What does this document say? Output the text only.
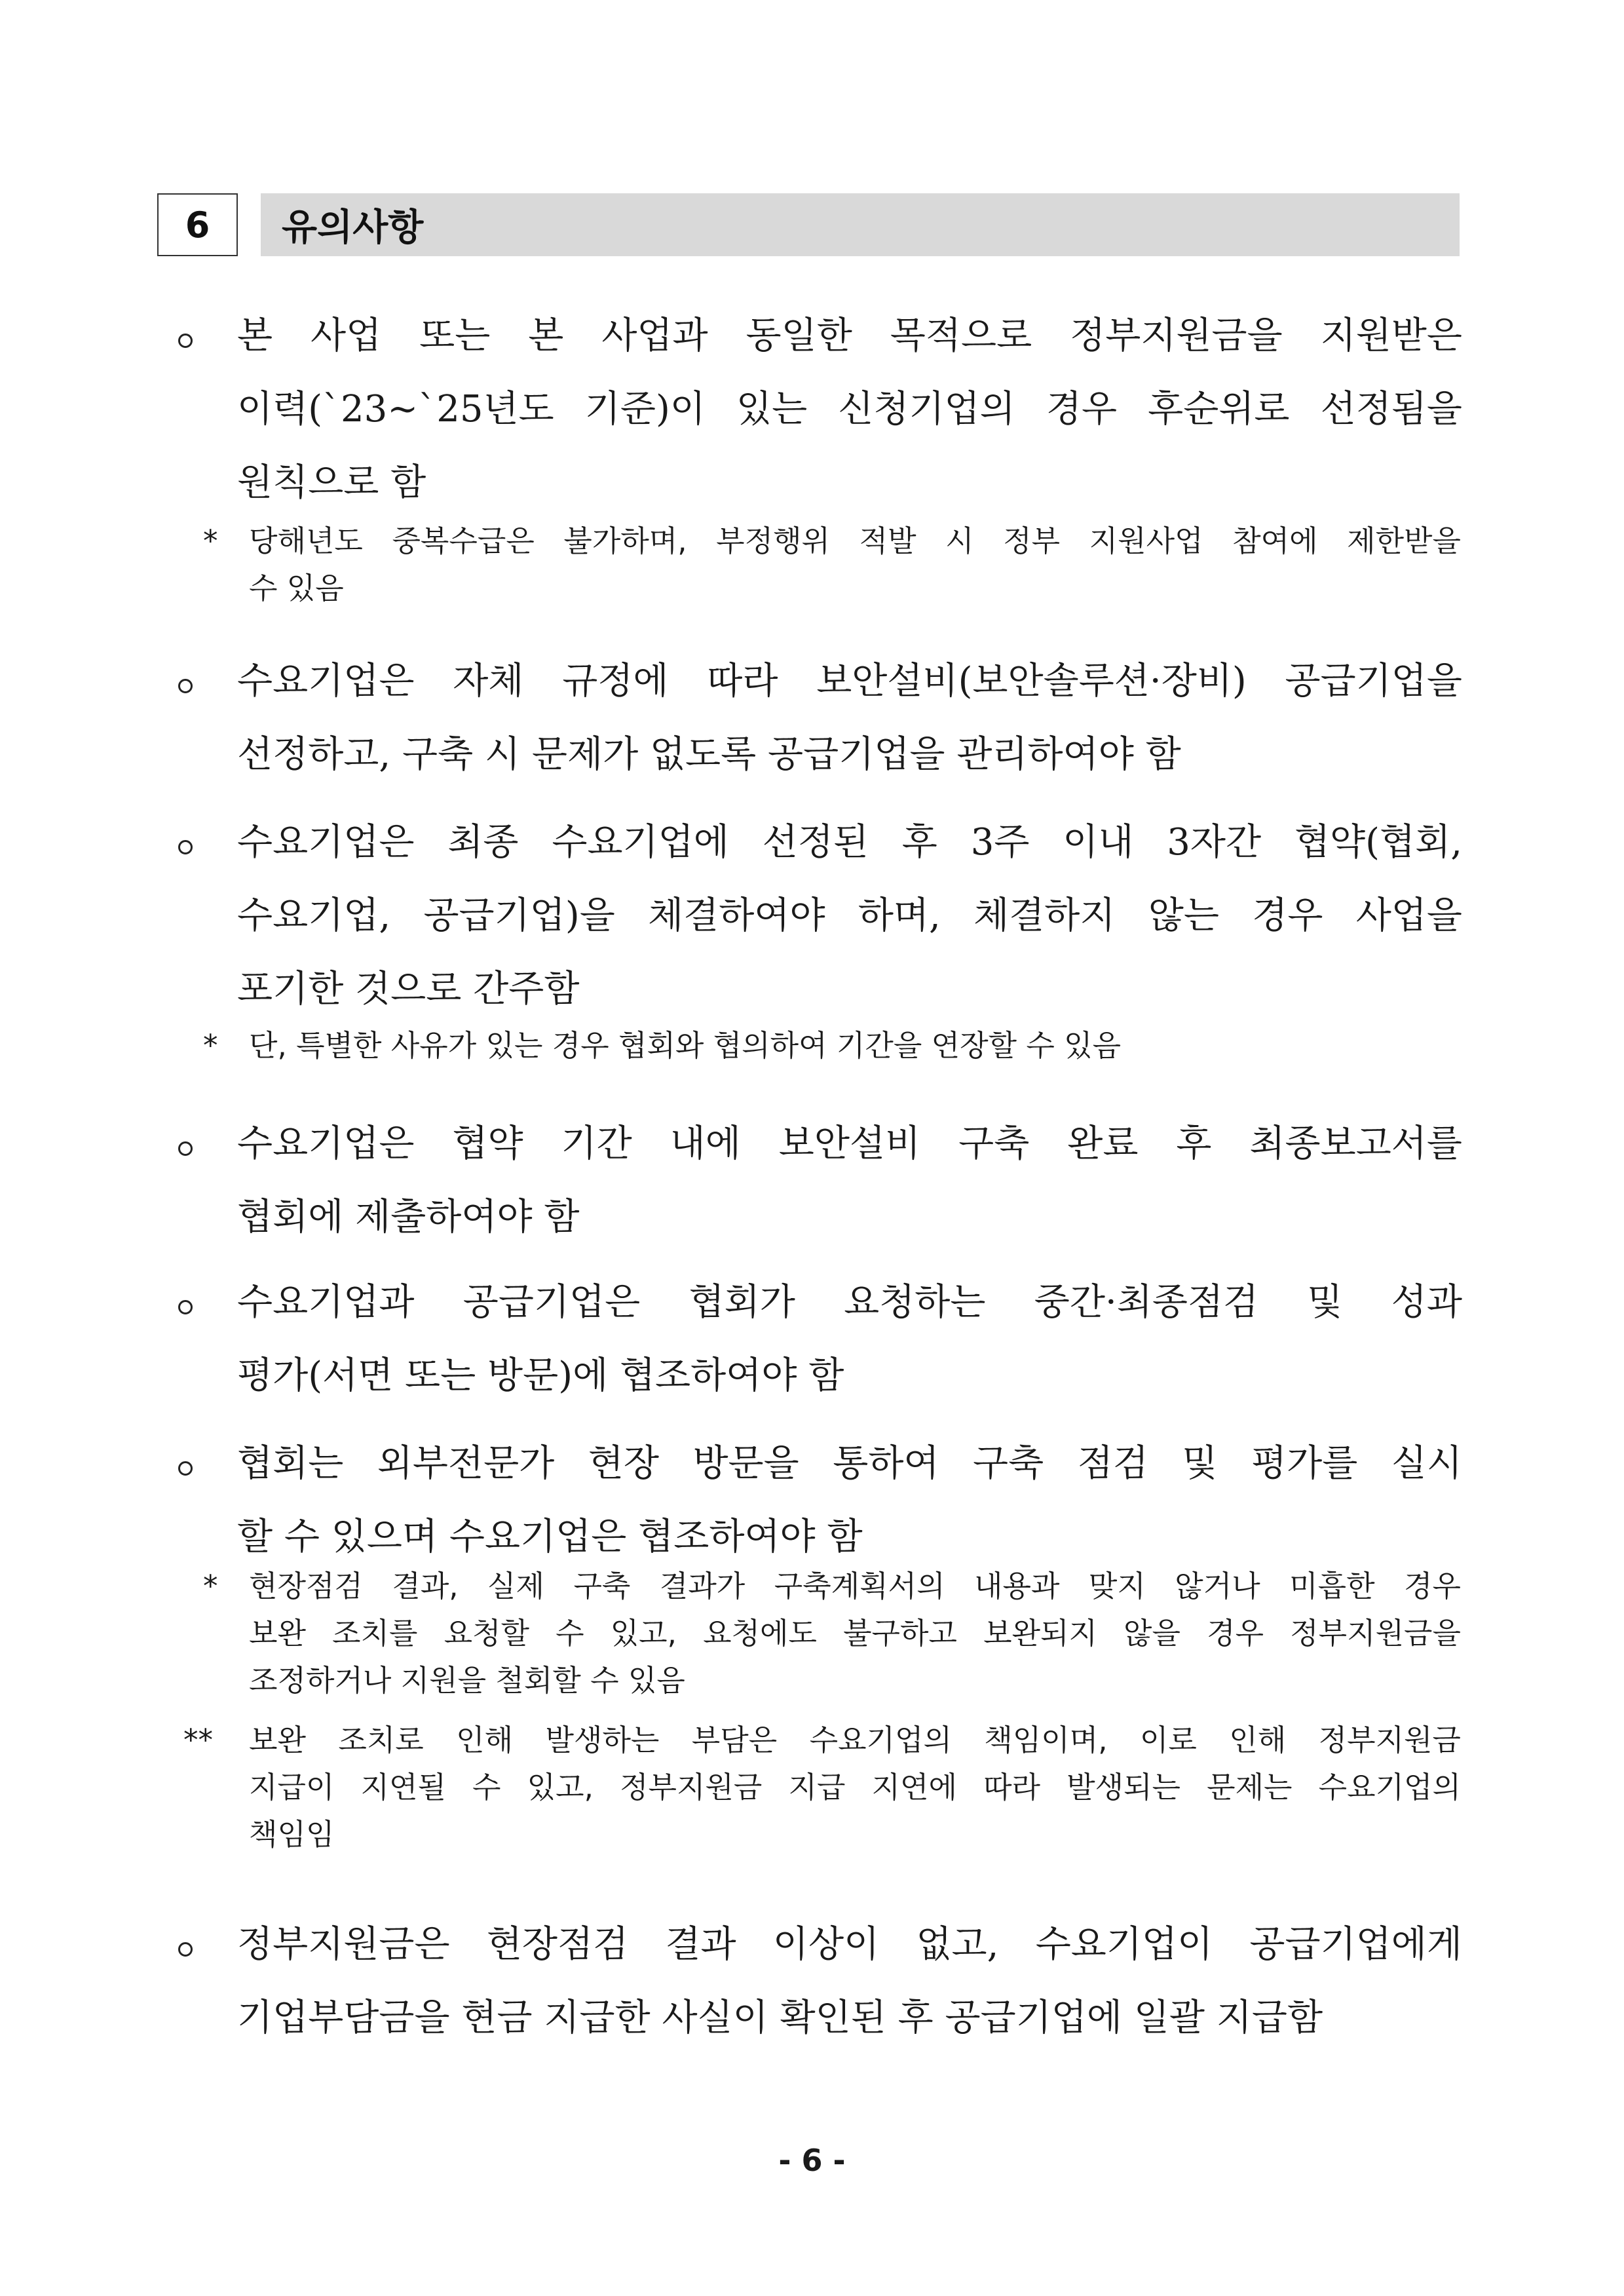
6	유의사항
본 사업 또는 본 사업과 동일한 목적으로 정부지원금을 지원받은
이력(`23~`25년도 기준)이 있는 신청기업의 경우 후순위로 선정됨을
원칙으로 함
*	당해년도 중복수급은 불가하며, 부정행위 적발 시 정부 지원사업 참여에 제한받을
수 있음
수요기업은 자체 규정에 따라 보안설비(보안솔루션·장비) 공급기업을
선정하고, 구축 시 문제가 없도록 공급기업을 관리하여야 함
수요기업은 최종 수요기업에 선정된 후 3주 이내 3자간 협약(협회,
수요기업, 공급기업)을 체결하여야 하며, 체결하지 않는 경우 사업을
포기한 것으로 간주함
*	단, 특별한 사유가 있는 경우 협회와 협의하여 기간을 연장할 수 있음
수요기업은 협약 기간 내에 보안설비 구축 완료 후 최종보고서를
협회에 제출하여야 함
수요기업과 공급기업은 협회가 요청하는 중간·최종점검 및 성과
평가(서면 또는 방문)에 협조하여야 함
협회는 외부전문가 현장 방문을 통하여 구축 점검 및 평가를 실시
할 수 있으며 수요기업은 협조하여야 함
*	현장점검 결과, 실제 구축 결과가 구축계획서의 내용과 맞지 않거나 미흡한 경우
보완 조치를 요청할 수 있고, 요청에도 불구하고 보완되지 않을 경우 정부지원금을
조정하거나 지원을 철회할 수 있음
**	보완 조치로 인해 발생하는 부담은 수요기업의 책임이며, 이로 인해 정부지원금
지급이 지연될 수 있고, 정부지원금 지급 지연에 따라 발생되는 문제는 수요기업의
책임임
정부지원금은 현장점검 결과 이상이 없고, 수요기업이 공급기업에게
기업부담금을 현금 지급한 사실이 확인된 후 공급기업에 일괄 지급함
- 6 -
